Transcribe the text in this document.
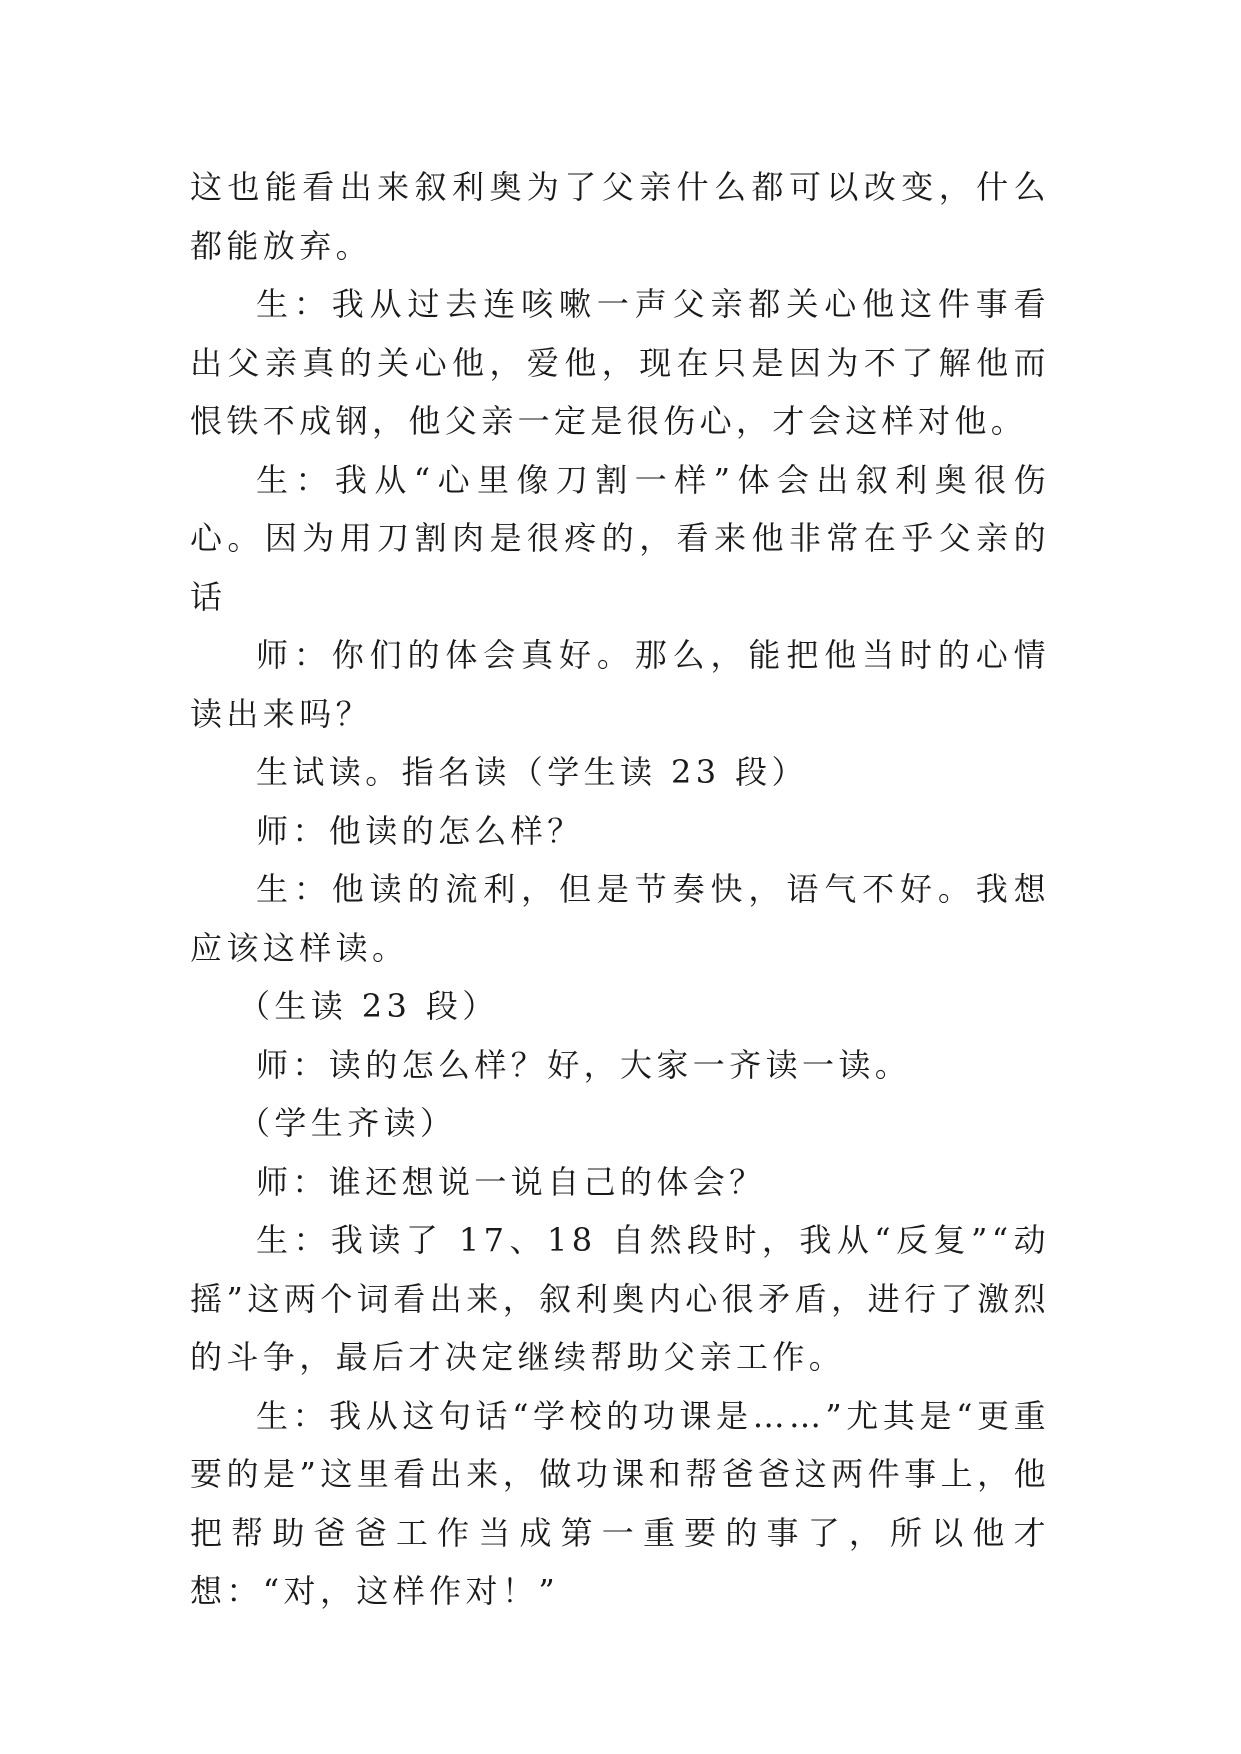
这也能看出来叙利奥为了父亲什么都可以改变，什么都能放弃。

生：我从过去连咳嗽一声父亲都关心他这件事看出父亲真的关心他，爱他，现在只是因为不了解他而恨铁不成钢，他父亲一定是很伤心，才会这样对他。

生：我从“心里像刀割一样”体会出叙利奥很伤心。因为用刀割肉是很疼的，看来他非常在乎父亲的话

师：你们的体会真好。那么，能把他当时的心情读出来吗？

生试读。指名读（学生读 23 段）

师：他读的怎么样？

生：他读的流利，但是节奏快，语气不好。我想应该这样读。

（生读 23 段）

师：读的怎么样？好，大家一齐读一读。

（学生齐读）

师：谁还想说一说自己的体会？

生：我读了 17、18 自然段时，我从“反复”“动摇”这两个词看出来，叙利奥内心很矛盾，进行了激烈的斗争，最后才决定继续帮助父亲工作。

生：我从这句话“学校的功课是……”尤其是“更重要的是”这里看出来，做功课和帮爸爸这两件事上，他把帮助爸爸工作当成第一重要的事了，所以他才想：“对，这样作对！”
